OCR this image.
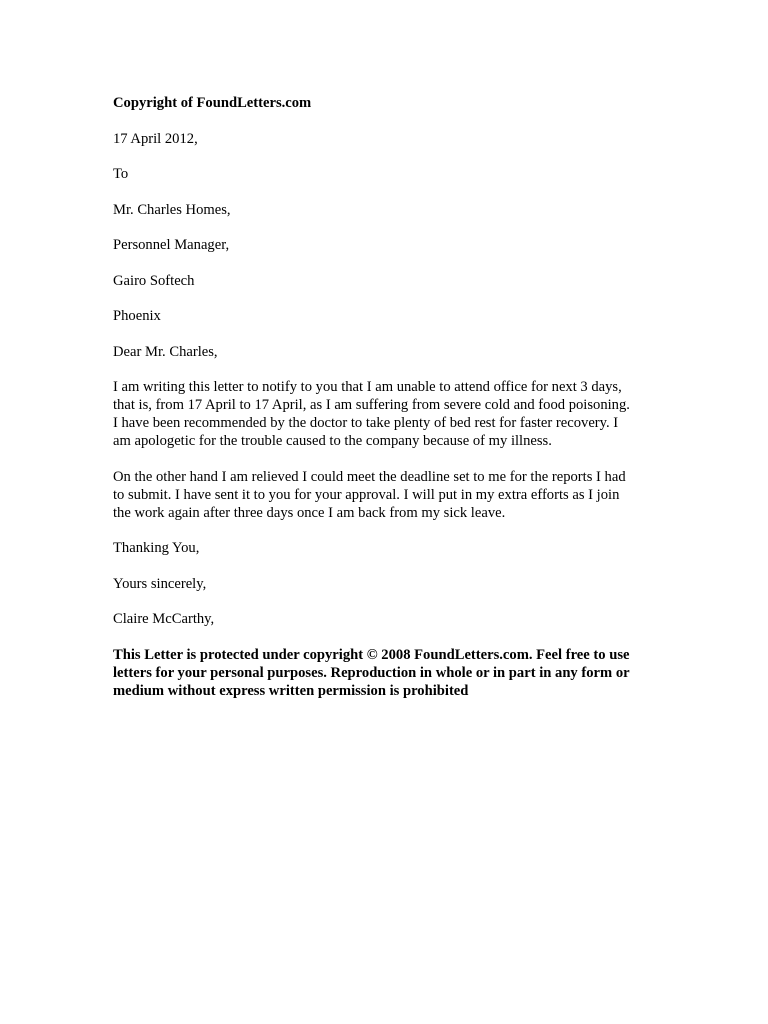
Copyright of FoundLetters.com
17 April 2012,
To
Mr. Charles Homes,
Personnel Manager,
Gairo Softech
Phoenix
Dear Mr. Charles,
I am writing this letter to notify to you that I am unable to attend office for next 3 days,
that is, from 17 April to 17 April, as I am suffering from severe cold and food poisoning.
I have been recommended by the doctor to take plenty of bed rest for faster recovery. I
am apologetic for the trouble caused to the company because of my illness.
On the other hand I am relieved I could meet the deadline set to me for the reports I had
to submit. I have sent it to you for your approval. I will put in my extra efforts as I join
the work again after three days once I am back from my sick leave.
Thanking You,
Yours sincerely,
Claire McCarthy,
This Letter is protected under copyright © 2008 FoundLetters.com. Feel free to use
letters for your personal purposes. Reproduction in whole or in part in any form or
medium without express written permission is prohibited
